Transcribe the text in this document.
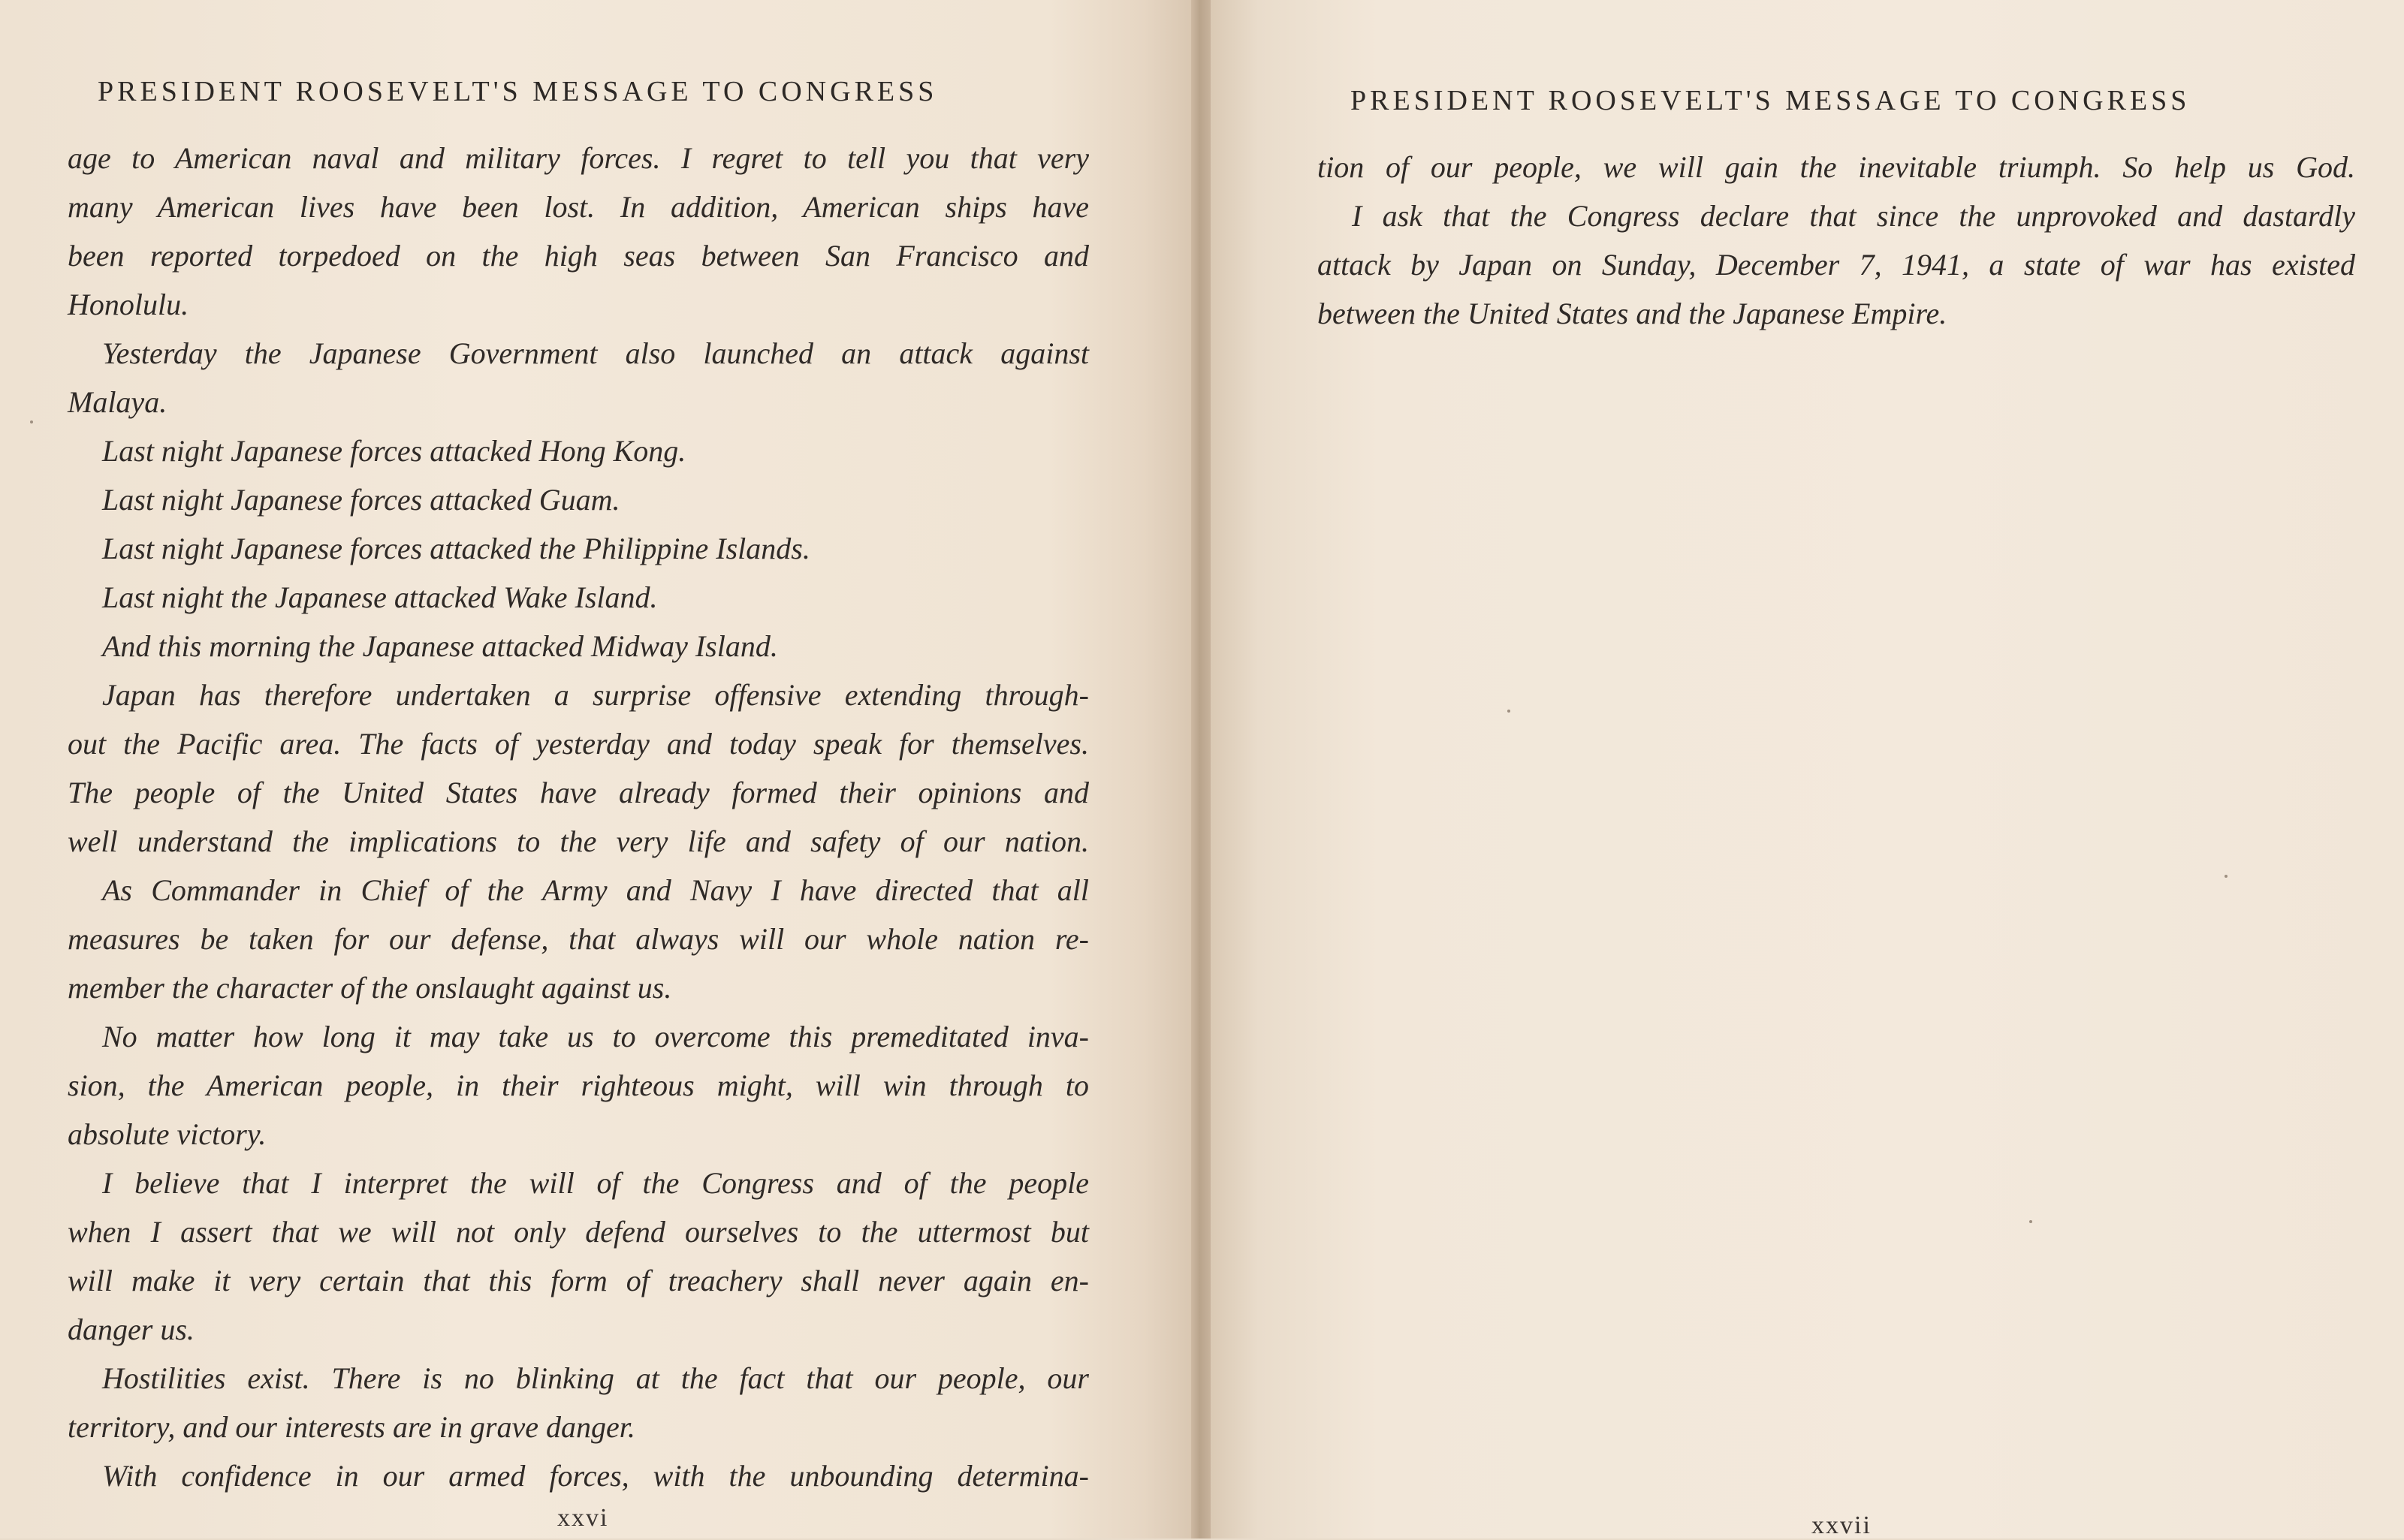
PRESIDENT ROOSEVELT'S MESSAGE TO CONGRESS
age to American naval and military forces. I regret to tell you that very
many American lives have been lost. In addition, American ships have
been reported torpedoed on the high seas between San Francisco and
Honolulu.
Yesterday the Japanese Government also launched an attack against
Malaya.
Last night Japanese forces attacked Hong Kong.
Last night Japanese forces attacked Guam.
Last night Japanese forces attacked the Philippine Islands.
Last night the Japanese attacked Wake Island.
And this morning the Japanese attacked Midway Island.
Japan has therefore undertaken a surprise offensive extending through-
out the Pacific area. The facts of yesterday and today speak for themselves.
The people of the United States have already formed their opinions and
well understand the implications to the very life and safety of our nation.
As Commander in Chief of the Army and Navy I have directed that all
measures be taken for our defense, that always will our whole nation re-
member the character of the onslaught against us.
No matter how long it may take us to overcome this premeditated inva-
sion, the American people, in their righteous might, will win through to
absolute victory.
I believe that I interpret the will of the Congress and of the people
when I assert that we will not only defend ourselves to the uttermost but
will make it very certain that this form of treachery shall never again en-
danger us.
Hostilities exist. There is no blinking at the fact that our people, our
territory, and our interests are in grave danger.
With confidence in our armed forces, with the unbounding determina-

xxvi

PRESIDENT ROOSEVELT'S MESSAGE TO CONGRESS
tion of our people, we will gain the inevitable triumph. So help us God.
I ask that the Congress declare that since the unprovoked and dastardly
attack by Japan on Sunday, December 7, 1941, a state of war has existed
between the United States and the Japanese Empire.

xxvii
